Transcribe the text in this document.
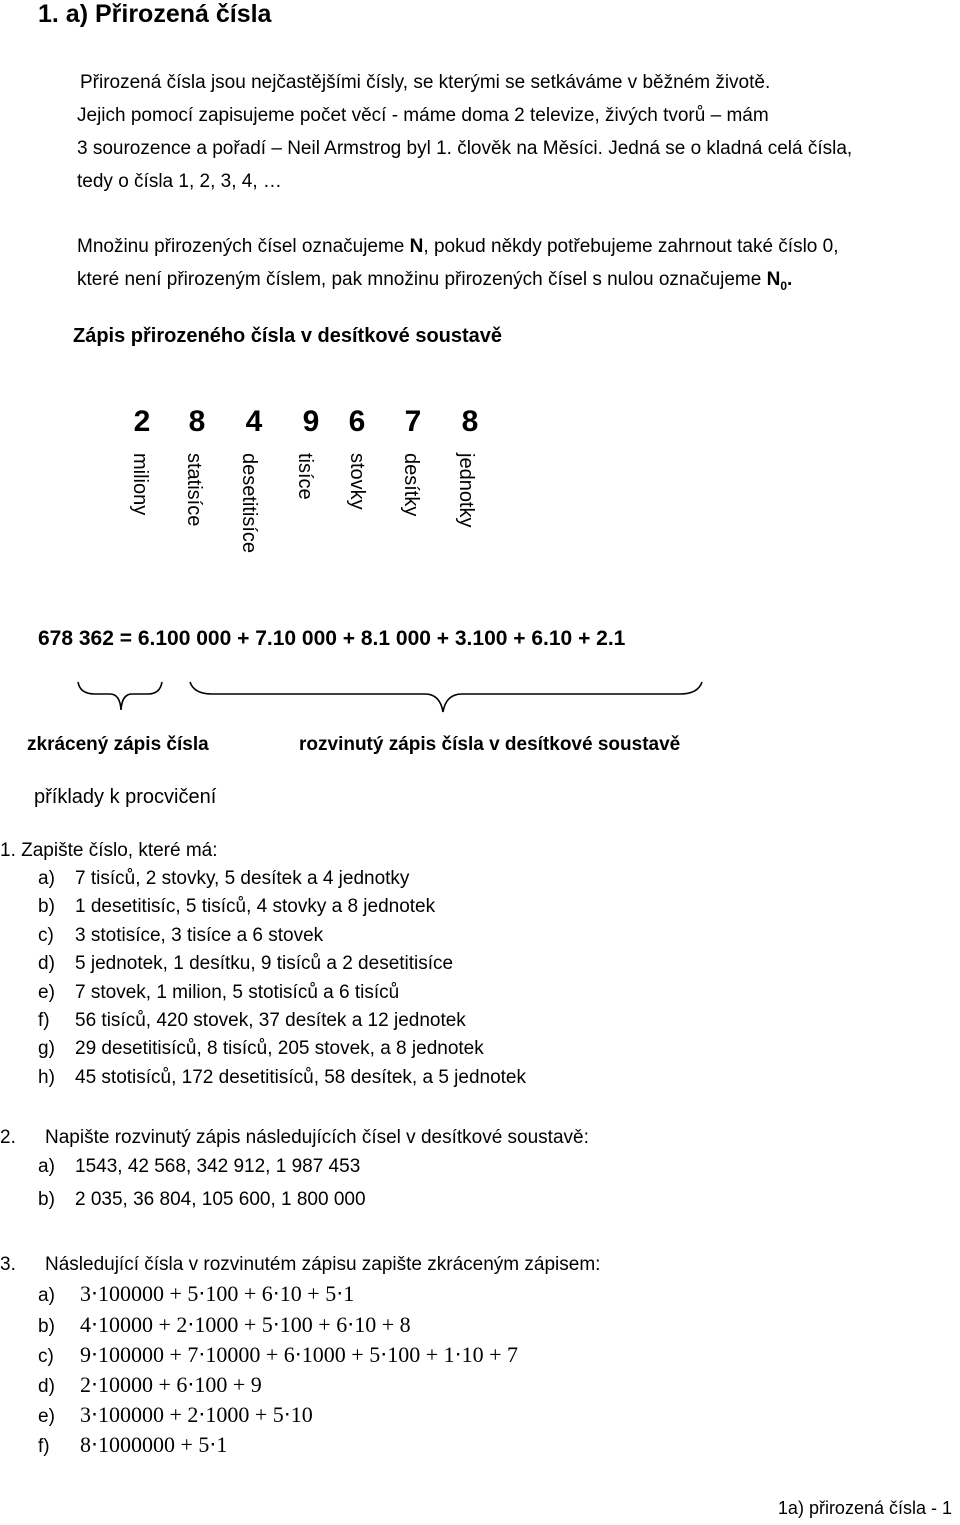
1. a) Přirozená čísla
Přirozená čísla jsou nejčastějšími čísly, se kterými se setkáváme v běžném životě.
Jejich pomocí zapisujeme počet věcí - máme doma 2 televize, živých tvorů – mám
3 sourozence a pořadí – Neil Armstrog byl 1. člověk na Měsíci. Jedná se o kladná celá čísla,
tedy o čísla 1, 2, 3, 4, …
Množinu přirozených čísel označujeme N, pokud někdy potřebujeme zahrnout také číslo 0,
které není přirozeným číslem, pak množinu přirozených čísel s nulou označujeme $N_0$.
Zápis přirozeného čísla v desítkové soustavě
2	8	4	9 6	7	8
miliony statisíce desetitisíce tisíce stovky desítky jednotky
678 362 = 6.100 000 + 7.10 000 + 8.1 000 + 3.100 + 6.10 + 2.1
zkrácený zápis čísla	rozvinutý zápis čísla v desítkové soustavě
příklady k procvičení
1. Zapište číslo, které má:
a) 7 tisíců, 2 stovky, 5 desítek a 4 jednotky
b) 1 desetitisíc, 5 tisíců, 4 stovky a 8 jednotek
c) 3 stotisíce, 3 tisíce a 6 stovek
d) 5 jednotek, 1 desítku, 9 tisíců a 2 desetitisíce
e) 7 stovek, 1 milion, 5 stotisíců a 6 tisíců
f) 56 tisíců, 420 stovek, 37 desítek a 12 jednotek
g) 29 desetitisíců, 8 tisíců, 205 stovek, a 8 jednotek
h) 45 stotisíců, 172 desetitisíců, 58 desítek, a 5 jednotek
2. Napište rozvinutý zápis následujících čísel v desítkové soustavě:
a) 1543, 42 568, 342 912, 1 987 453
b) 2 035, 36 804, 105 600, 1 800 000
3. Následující čísla v rozvinutém zápisu zapište zkráceným zápisem:
a) 3⋅100000 + 5⋅100 + 6⋅10 + 5⋅1
b) 4⋅10000 + 2⋅1000 + 5⋅100 + 6⋅10 + 8
c) 9⋅100000 + 7⋅10000 + 6⋅1000 + 5⋅100 + 1⋅10 + 7
d) 2⋅10000 + 6⋅100 + 9
e) 3⋅100000 + 2⋅1000 + 5⋅10
f) 8⋅1000000 + 5⋅1
1a) přirozená čísla - 1
